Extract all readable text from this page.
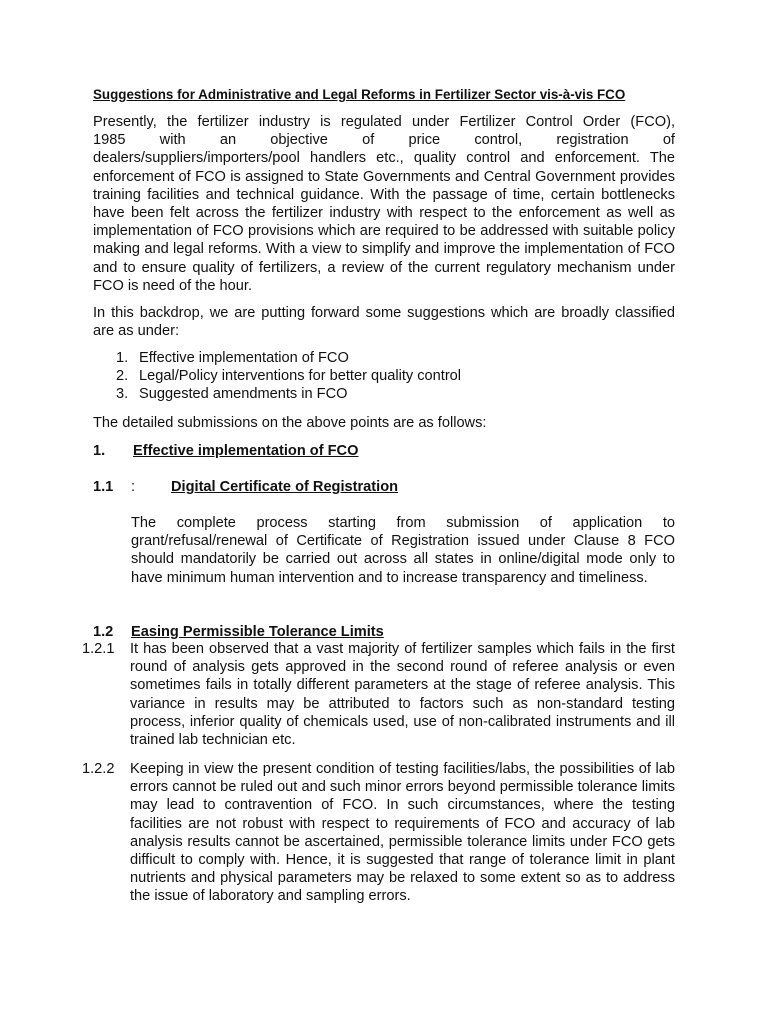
Suggestions for Administrative and Legal Reforms in Fertilizer Sector vis-à-vis FCO
Presently, the fertilizer industry is regulated under Fertilizer Control Order (FCO),
1985 with an objective of price control, registration of
dealers/suppliers/importers/pool handlers etc., quality control and enforcement. The enforcement of FCO is assigned to State Governments and Central Government provides training facilities and technical guidance. With the passage of time, certain bottlenecks have been felt across the fertilizer industry with respect to the enforcement as well as implementation of FCO provisions which are required to be addressed with suitable policy making and legal reforms. With a view to simplify and improve the implementation of FCO and to ensure quality of fertilizers, a review of the current regulatory mechanism under FCO is need of the hour.
In this backdrop, we are putting forward some suggestions which are broadly classified are as under:
1. Effective implementation of FCO
2. Legal/Policy interventions for better quality control
3. Suggested amendments in FCO
The detailed submissions on the above points are as follows:
1. Effective implementation of FCO
1.1	Digital Certificate of Registration
:
The complete process starting from submission of application to grant/refusal/renewal of Certificate of Registration issued under Clause 8 FCO should mandatorily be carried out across all states in online/digital mode only to have minimum human intervention and to increase transparency and timeliness.
1.2 Easing Permissible Tolerance Limits
1.2.1 It has been observed that a vast majority of fertilizer samples which fails in the first round of analysis gets approved in the second round of referee analysis or even sometimes fails in totally different parameters at the stage of referee analysis. This variance in results may be attributed to factors such as non-standard testing process, inferior quality of chemicals used, use of non-calibrated instruments and ill trained lab technician etc.
1.2.2 Keeping in view the present condition of testing facilities/labs, the possibilities of lab errors cannot be ruled out and such minor errors beyond permissible tolerance limits may lead to contravention of FCO. In such circumstances, where the testing facilities are not robust with respect to requirements of FCO and accuracy of lab analysis results cannot be ascertained, permissible tolerance limits under FCO gets difficult to comply with. Hence, it is suggested that range of tolerance limit in plant nutrients and physical parameters may be relaxed to some extent so as to address the issue of laboratory and sampling errors.
